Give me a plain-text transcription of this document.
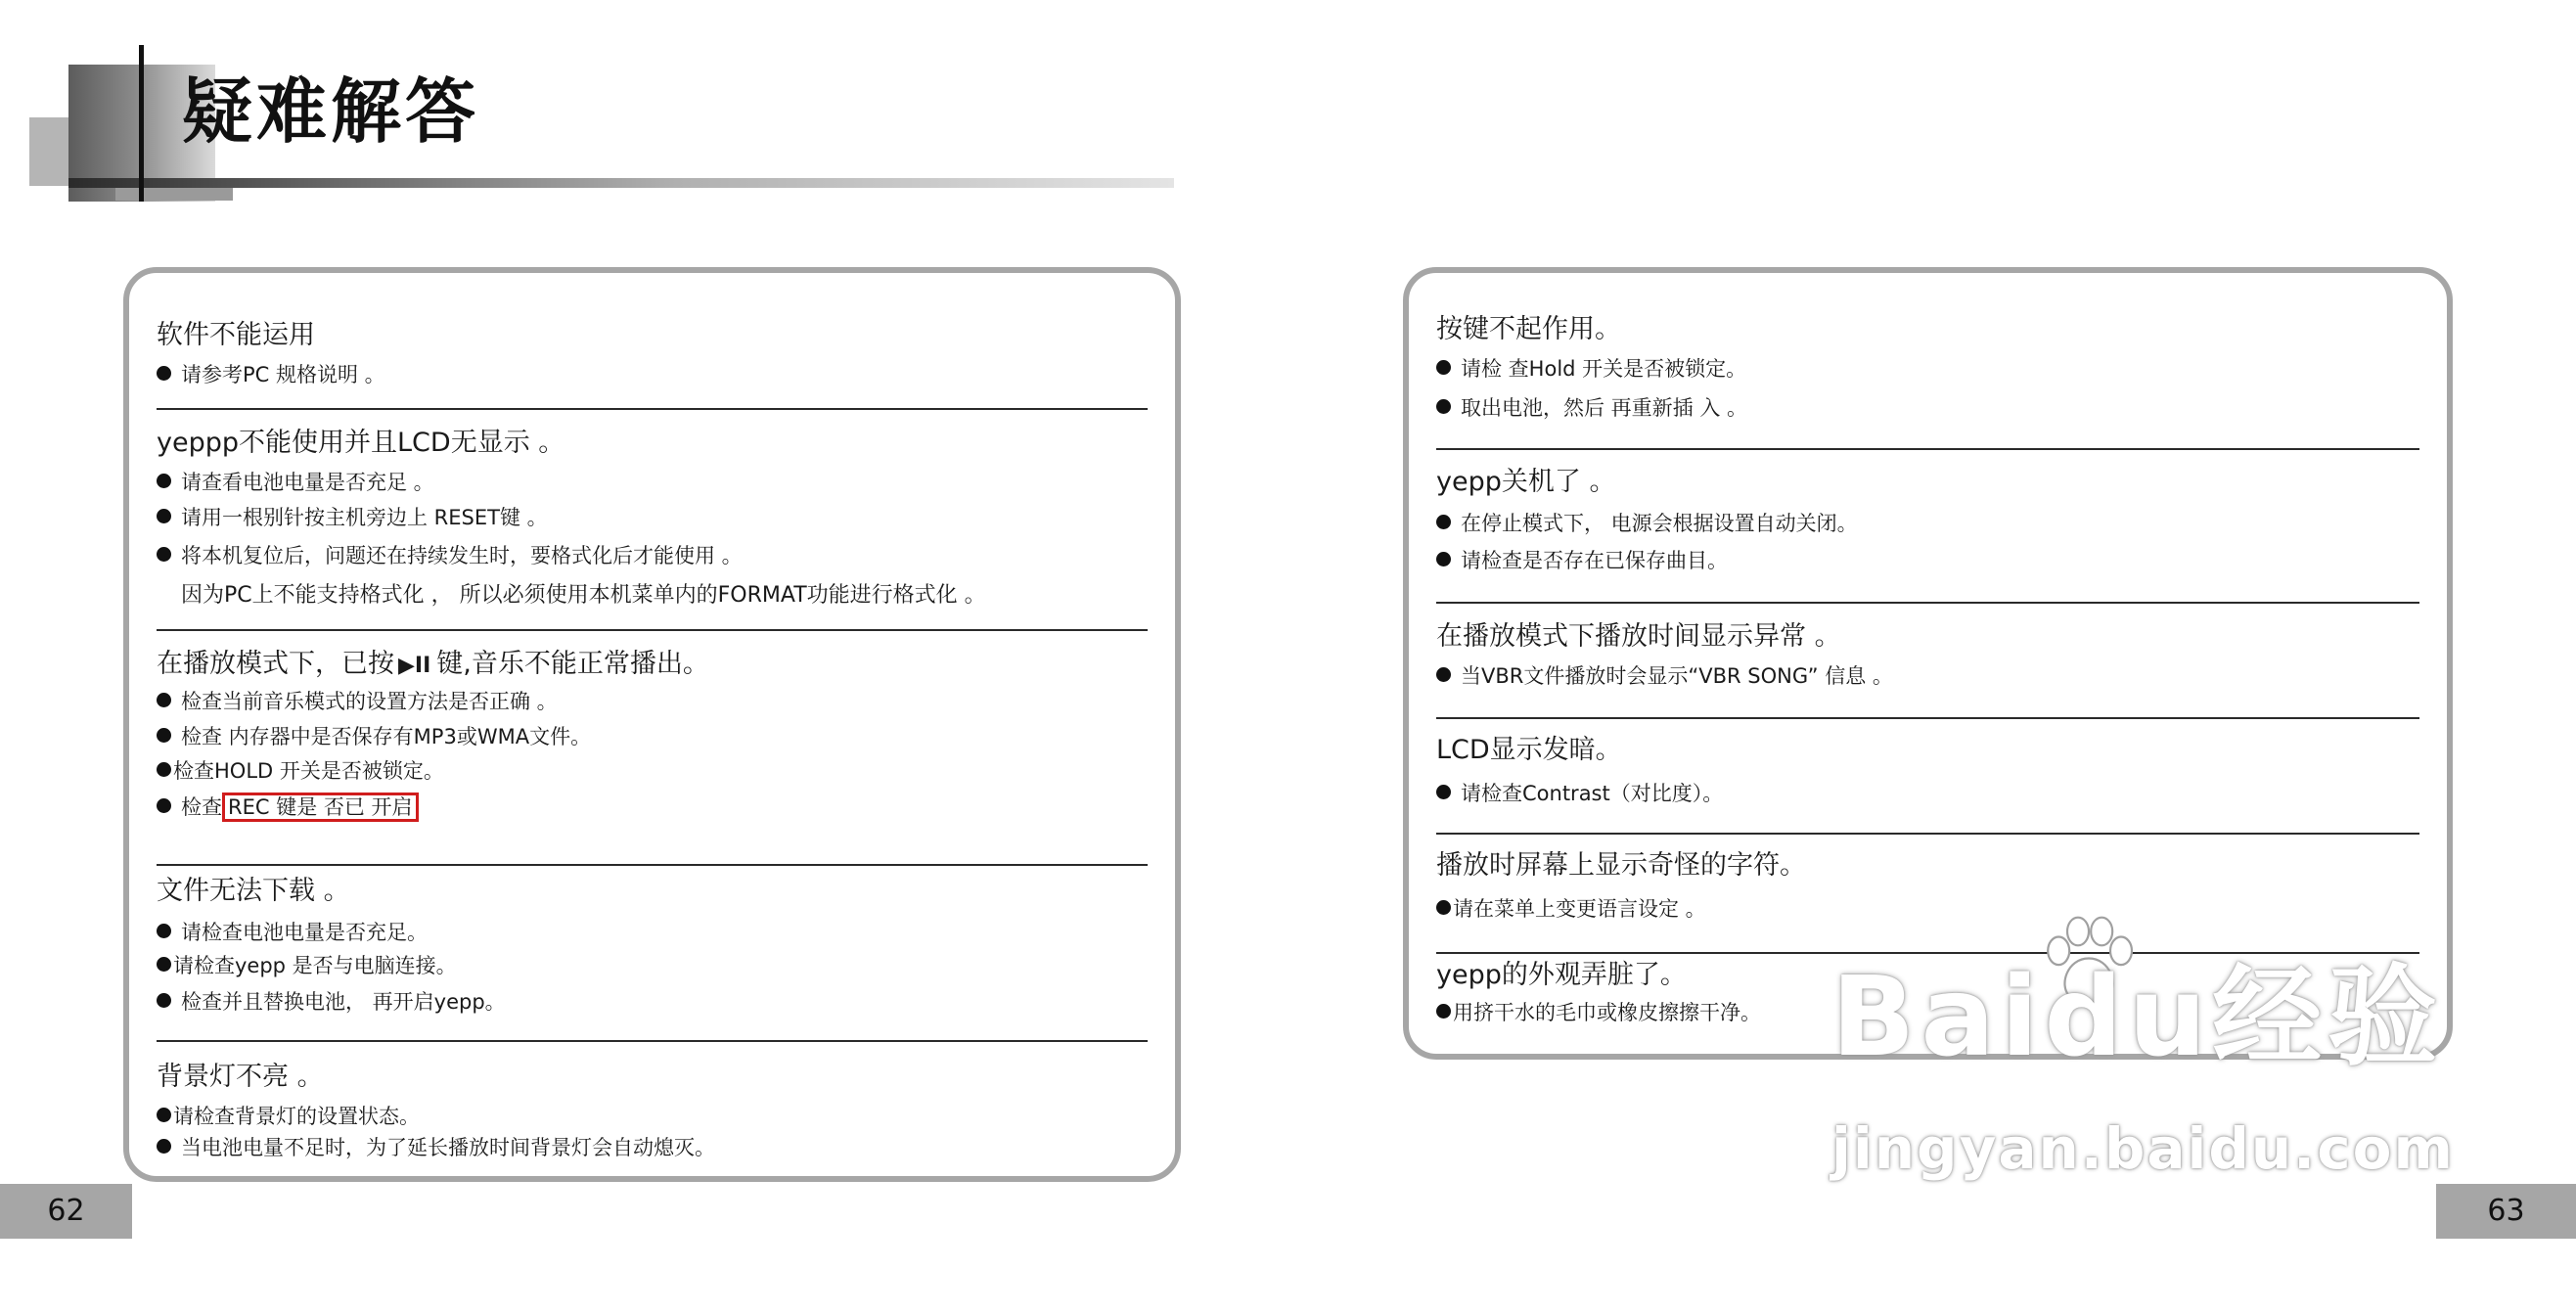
疑难解答

软件不能运用

请参考PC 规格说明 。

yeppp不能使用并且LCD无显示 。

请查看电池电量是否充足 。
请用一根别针按主机旁边上 RESET键 。
将本机复位后，问题还在持续发生时，要格式化后才能使用 。
因为PC上不能支持格式化 ， 所以必须使用本机菜单内的FORMAT功能进行格式化 。

在播放模式下，已按 ▶II 键,音乐不能正常播出。

检查当前音乐模式的设置方法是否正确 。
检查 内存器中是否保存有MP3或WMA文件。
检查HOLD 开关是否被锁定。
检查 REC 键是 否已 开启

文件无法下载 。

请检查电池电量是否充足。
请检查yepp 是否与电脑连接。
检查并且替换电池， 再开启yepp。

背景灯不亮 。

请检查背景灯的设置状态。
当电池电量不足时，为了延长播放时间背景灯会自动熄灭。

按键不起作用。

请检 查Hold 开关是否被锁定。
取出电池，然后 再重新插 入 。

yepp关机了 。

在停止模式下， 电源会根据设置自动关闭。
请检查是否存在已保存曲目。

在播放模式下播放时间显示异常 。

当VBR文件播放时会显示“VBR SONG” 信息 。

LCD显示发暗。

请检查Contrast（对比度）。

播放时屏幕上显示奇怪的字符。

请在菜单上变更语言设定 。

yepp的外观弄脏了。

用挤干水的毛巾或橡皮擦擦干净。
62	63
Baidu经验
jingyan.baidu.com
